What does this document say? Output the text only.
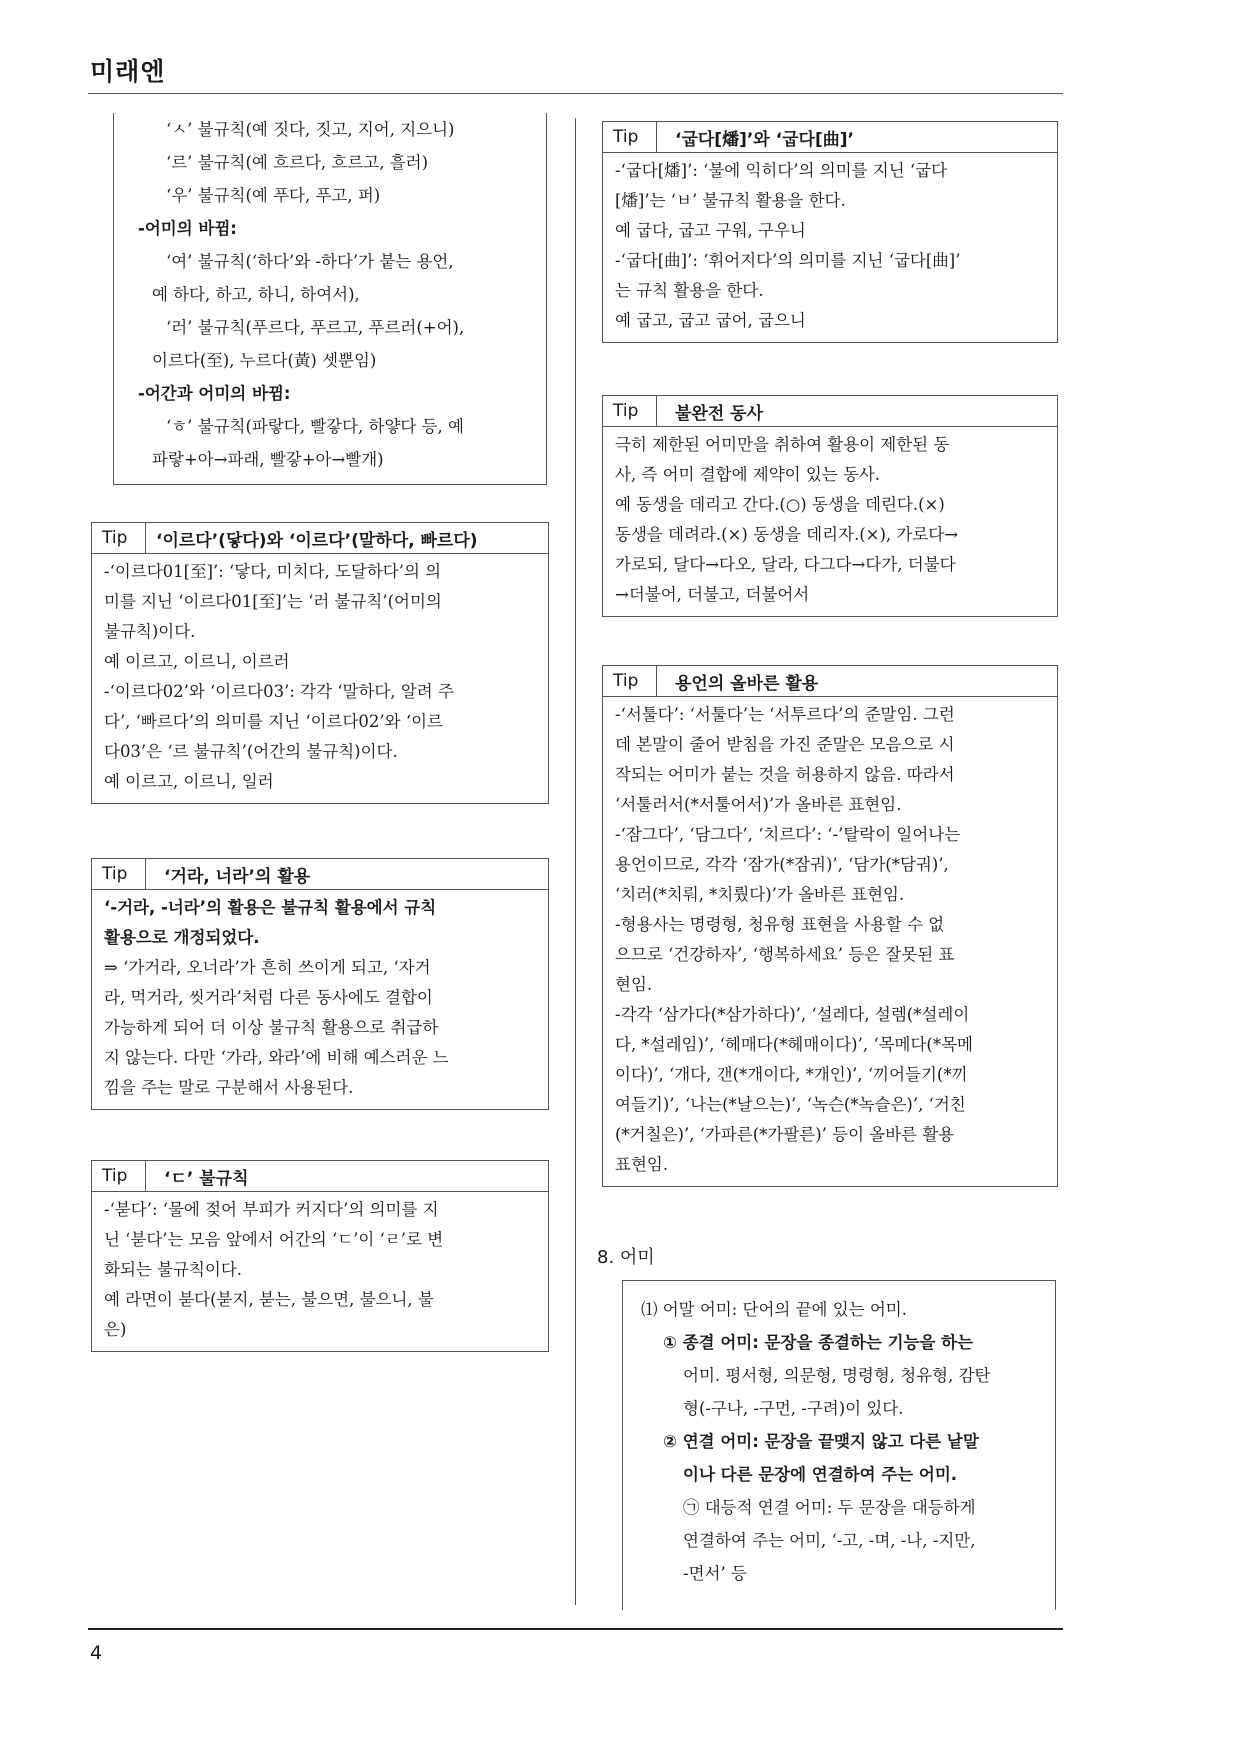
미래엔
‘ㅅ’ 불규칙(예 짓다, 짓고, 지어, 지으니)
‘르’ 불규칙(예 흐르다, 흐르고, 흘러)
‘우’ 불규칙(예 푸다, 푸고, 퍼)
-어미의 바뀜:
‘여’ 불규칙(‘하다’와 -하다’가 붙는 용언,
예 하다, 하고, 하니, 하여서),
‘러’ 불규칙(푸르다, 푸르고, 푸르러(+어),
이르다(至), 누르다(黃) 셋뿐임)
-어간과 어미의 바뀜:
‘ㅎ’ 불규칙(파랗다, 빨갛다, 하얗다 등, 예
파랗+아→파래, 빨갛+아→빨개)
Tip	‘이르다’(닿다)와 ‘이르다’(말하다, 빠르다)
-‘이르다01[至]’: ‘닿다, 미치다, 도달하다’의 의
미를 지닌 ‘이르다01[至]’는 ‘러 불규칙’(어미의
불규칙)이다.
예 이르고, 이르니, 이르러
-‘이르다02’와 ‘이르다03’: 각각 ‘말하다, 알려 주
다’, ‘빠르다’의 의미를 지닌 ‘이르다02’와 ‘이르
다03’은 ‘르 불규칙’(어간의 불규칙)이다.
예 이르고, 이르니, 일러
Tip	‘거라, 너라’의 활용
‘-거라, -너라’의 활용은 불규칙 활용에서 규칙
활용으로 개정되었다.
⇒ ‘가거라, 오너라’가 흔히 쓰이게 되고, ‘자거
라, 먹거라, 씻거라’처럼 다른 동사에도 결합이
가능하게 되어 더 이상 불규칙 활용으로 취급하
지 않는다. 다만 ‘가라, 와라’에 비해 예스러운 느
낌을 주는 말로 구분해서 사용된다.
Tip	‘ㄷ’ 불규칙
-‘붇다’: ‘물에 젖어 부피가 커지다’의 의미를 지
닌 ‘붇다’는 모음 앞에서 어간의 ‘ㄷ’이 ‘ㄹ’로 변
화되는 불규칙이다.
예 라면이 붇다(붇지, 붇는, 불으면, 불으니, 불
은)
Tip	‘굽다[燔]’와 ‘굽다[曲]’
-‘굽다[燔]’: ‘불에 익히다’의 의미를 지닌 ‘굽다
[燔]’는 ‘ㅂ’ 불규칙 활용을 한다.
예 굽다, 굽고 구워, 구우니
-‘굽다[曲]’: ‘휘어지다’의 의미를 지닌 ‘굽다[曲]’
는 규칙 활용을 한다.
예 굽고, 굽고 굽어, 굽으니
Tip	불완전 동사
극히 제한된 어미만을 취하여 활용이 제한된 동
사, 즉 어미 결합에 제약이 있는 동사.
예 동생을 데리고 간다.(○) 동생을 데린다.(×)
동생을 데려라.(×) 동생을 데리자.(×), 가로다→
가로되, 달다→다오, 달라, 다그다→다가, 더불다
→더불어, 더불고, 더불어서
Tip	용언의 올바른 활용
-‘서툴다’: ‘서툴다’는 ‘서투르다’의 준말임. 그런
데 본말이 줄어 받침을 가진 준말은 모음으로 시
작되는 어미가 붙는 것을 허용하지 않음. 따라서
‘서툴러서(*서툴어서)’가 올바른 표현임.
-‘잠그다’, ‘담그다’, ‘치르다’: ‘-’탈락이 일어나는
용언이므로, 각각 ‘잠가(*잠궈)’, ‘담가(*담궈)’,
‘치러(*치뤄, *치뤘다)’가 올바른 표현임.
-형용사는 명령형, 청유형 표현을 사용할 수 없
으므로 ‘건강하자’, ‘행복하세요’ 등은 잘못된 표
현임.
-각각 ‘삼가다(*삼가하다)’, ‘설레다, 설렘(*설레이
다, *설레임)’, ‘헤매다(*헤매이다)’, ‘목메다(*목메
이다)’, ‘개다, 갠(*개이다, *개인)’, ‘끼어들기(*끼
여들기)’, ‘나는(*날으는)’, ‘녹슨(*녹슬은)’, ‘거친
(*거칠은)’, ‘가파른(*가팔른)’ 등이 올바른 활용
표현임.
8. 어미
⑴ 어말 어미: 단어의 끝에 있는 어미.
① 종결 어미: 문장을 종결하는 기능을 하는
어미. 평서형, 의문형, 명령형, 청유형, 감탄
형(-구나, -구먼, -구려)이 있다.
② 연결 어미: 문장을 끝맺지 않고 다른 낱말
이나 다른 문장에 연결하여 주는 어미.
㉠ 대등적 연결 어미: 두 문장을 대등하게
연결하여 주는 어미, ‘-고, -며, -나, -지만,
-면서’ 등
4
